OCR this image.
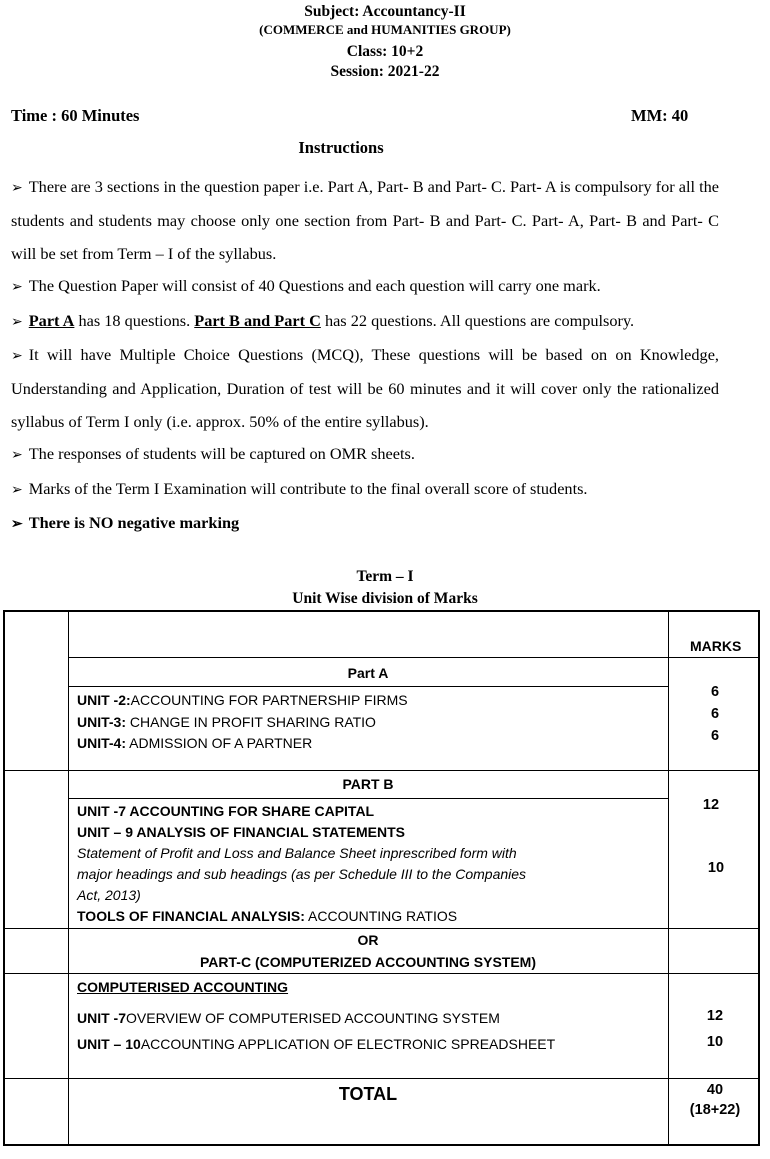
Subject: Accountancy-II
(COMMERCE and HUMANITIES GROUP)
Class: 10+2
Session: 2021-22
Time : 60 Minutes	MM: 40
Instructions

➢ There are 3 sections in the question paper i.e. Part A, Part- B and Part- C. Part- A is compulsory for all the students and students may choose only one section from Part- B and Part- C. Part- A, Part- B and Part- C will be set from Term – I of the syllabus.

➢ The Question Paper will consist of 40 Questions and each question will carry one mark.

➢ Part A has 18 questions. Part B and Part C has 22 questions. All questions are compulsory.

➢ It will have Multiple Choice Questions (MCQ), These questions will be based on on Knowledge, Understanding and Application, Duration of test will be 60 minutes and it will cover only the rationalized syllabus of Term I only (i.e. approx. 50% of the entire syllabus).

➢ The responses of students will be captured on OMR sheets.

➢ Marks of the Term I Examination will contribute to the final overall score of students.

➢ There is NO negative marking

Term – I
Unit Wise division of Marks
MARKS
Part A
UNIT -2:ACCOUNTING FOR PARTNERSHIP FIRMS
UNIT-3: CHANGE IN PROFIT SHARING RATIO
UNIT-4: ADMISSION OF A PARTNER
6
6
6
PART B
UNIT -7 ACCOUNTING FOR SHARE CAPITAL
UNIT – 9 ANALYSIS OF FINANCIAL STATEMENTS
Statement of Profit and Loss and Balance Sheet inprescribed form with
major headings and sub headings (as per Schedule III to the Companies
Act, 2013)
TOOLS OF FINANCIAL ANALYSIS: ACCOUNTING RATIOS
12
10
OR
PART-C (COMPUTERIZED ACCOUNTING SYSTEM)
COMPUTERISED ACCOUNTING
UNIT -7OVERVIEW OF COMPUTERISED ACCOUNTING SYSTEM
UNIT – 10ACCOUNTING APPLICATION OF ELECTRONIC SPREADSHEET
12
10
TOTAL	40
(18+22)
